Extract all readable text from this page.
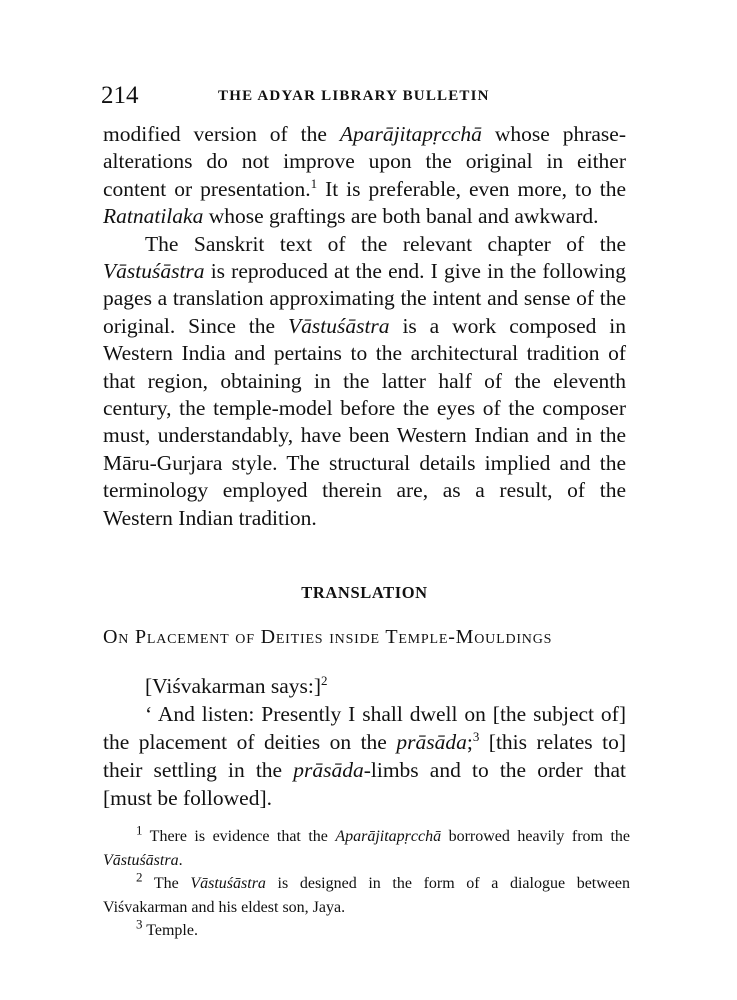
214	THE ADYAR LIBRARY BULLETIN

modified version of the Aparājitapṛcchā whose phrase-alterations do not improve upon the original in either content or presentation.$^1$ It is preferable, even more, to the Ratnatilaka whose graftings are both banal and awkward.

The Sanskrit text of the relevant chapter of the Vāstuśāstra is reproduced at the end. I give in the following pages a translation approximating the intent and sense of the original. Since the Vāstuśāstra is a work composed in Western India and pertains to the architectural tradition of that region, obtaining in the latter half of the eleventh century, the temple-model before the eyes of the composer must, understandably, have been Western Indian and in the Māru-Gurjara style. The structural details implied and the terminology employed therein are, as a result, of the Western Indian tradition.

TRANSLATION
On Placement of Deities inside Temple-Mouldings

[Viśvakarman says:]$^2$

‘ And listen: Presently I shall dwell on [the subject of] the placement of deities on the prāsāda;$^3$ [this relates to] their settling in the prāsāda-limbs and to the order that [must be followed].

$^1$ There is evidence that the Aparājitapṛcchā borrowed heavily from the Vāstuśāstra.

$^2$ The Vāstuśāstra is designed in the form of a dialogue between Viśvakarman and his eldest son, Jaya.

$^3$ Temple.
